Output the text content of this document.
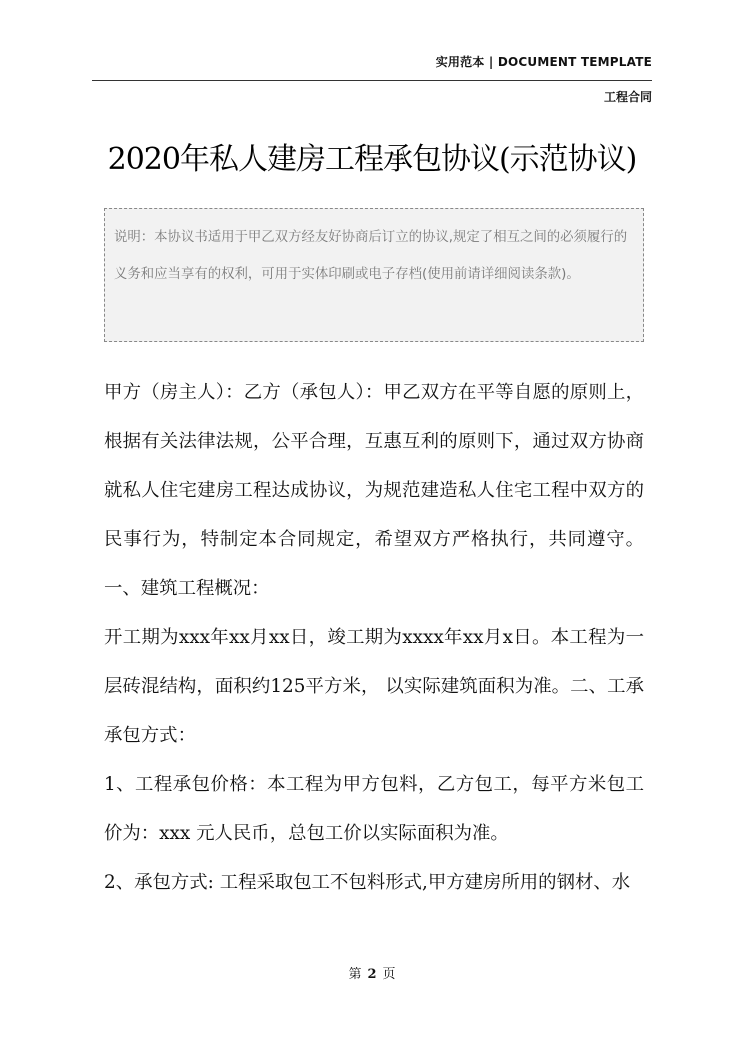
实用范本 | DOCUMENT TEMPLATE
工程合同
2020年私人建房工程承包协议(示范协议)
说明：本协议书适用于甲乙双方经友好协商后订立的协议,规定了相互之间的必须履行的义务和应当享有的权利，可用于实体印刷或电子存档(使用前请详细阅读条款)。

甲方（房主人）：乙方（承包人）：甲乙双方在平等自愿的原则上，根据有关法律法规，公平合理，互惠互利的原则下，通过双方协商就私人住宅建房工程达成协议，为规范建造私人住宅工程中双方的民事行为，特制定本合同规定，希望双方严格执行，共同遵守。一、建筑工程概况：

开工期为xxx年xx月xx日，竣工期为xxxx年xx月x日。本工程为一层砖混结构，面积约125平方米， 以实际建筑面积为准。二、工承承包方式：

1、工程承包价格：本工程为甲方包料，乙方包工，每平方米包工价为：xxx 元人民币，总包工价以实际面积为准。

2、承包方式: 工程采取包工不包料形式,甲方建房所用的钢材、水

第 2 页
